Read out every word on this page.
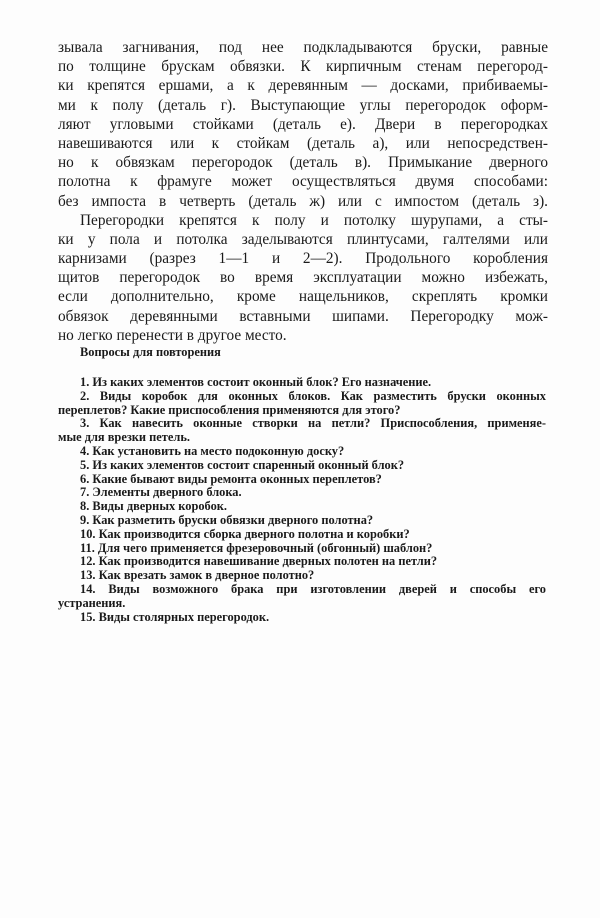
зывала загнивания, под нее подкладываются бруски, равные
по толщине брускам обвязки. К кирпичным стенам перегород-
ки крепятся ершами, а к деревянным — досками, прибиваемы-
ми к полу (деталь г). Выступающие углы перегородок оформ-
ляют угловыми стойками (деталь е). Двери в перегородках
навешиваются или к стойкам (деталь а), или непосредствен-
но к обвязкам перегородок (деталь в). Примыкание дверного
полотна к фрамуге может осуществляться двумя способами:
без импоста в четверть (деталь ж) или с импостом (деталь з).
Перегородки крепятся к полу и потолку шурупами, а сты-
ки у пола и потолка заделываются плинтусами, галтелями или
карнизами (разрез 1—1 и 2—2). Продольного коробления
щитов перегородок во время эксплуатации можно избежать,
если дополнительно, кроме нащельников, скреплять кромки
обвязок деревянными вставными шипами. Перегородку мож-
но легко перенести в другое место.
Вопросы для повторения
1. Из каких элементов состоит оконный блок? Его назначение.
2. Виды коробок для оконных блоков. Как разместить бруски оконных
переплетов? Какие приспособления применяются для этого?
3. Как навесить оконные створки на петли? Приспособления, применяе-
мые для врезки петель.
4. Как установить на место подоконную доску?
5. Из каких элементов состоит спаренный оконный блок?
6. Какие бывают виды ремонта оконных переплетов?
7. Элементы дверного блока.
8. Виды дверных коробок.
9. Как разметить бруски обвязки дверного полотна?
10. Как производится сборка дверного полотна и коробки?
11. Для чего применяется фрезеровочный (обгонный) шаблон?
12. Как производится навешивание дверных полотен на петли?
13. Как врезать замок в дверное полотно?
14. Виды возможного брака при изготовлении дверей и способы его
устранения.
15. Виды столярных перегородок.
